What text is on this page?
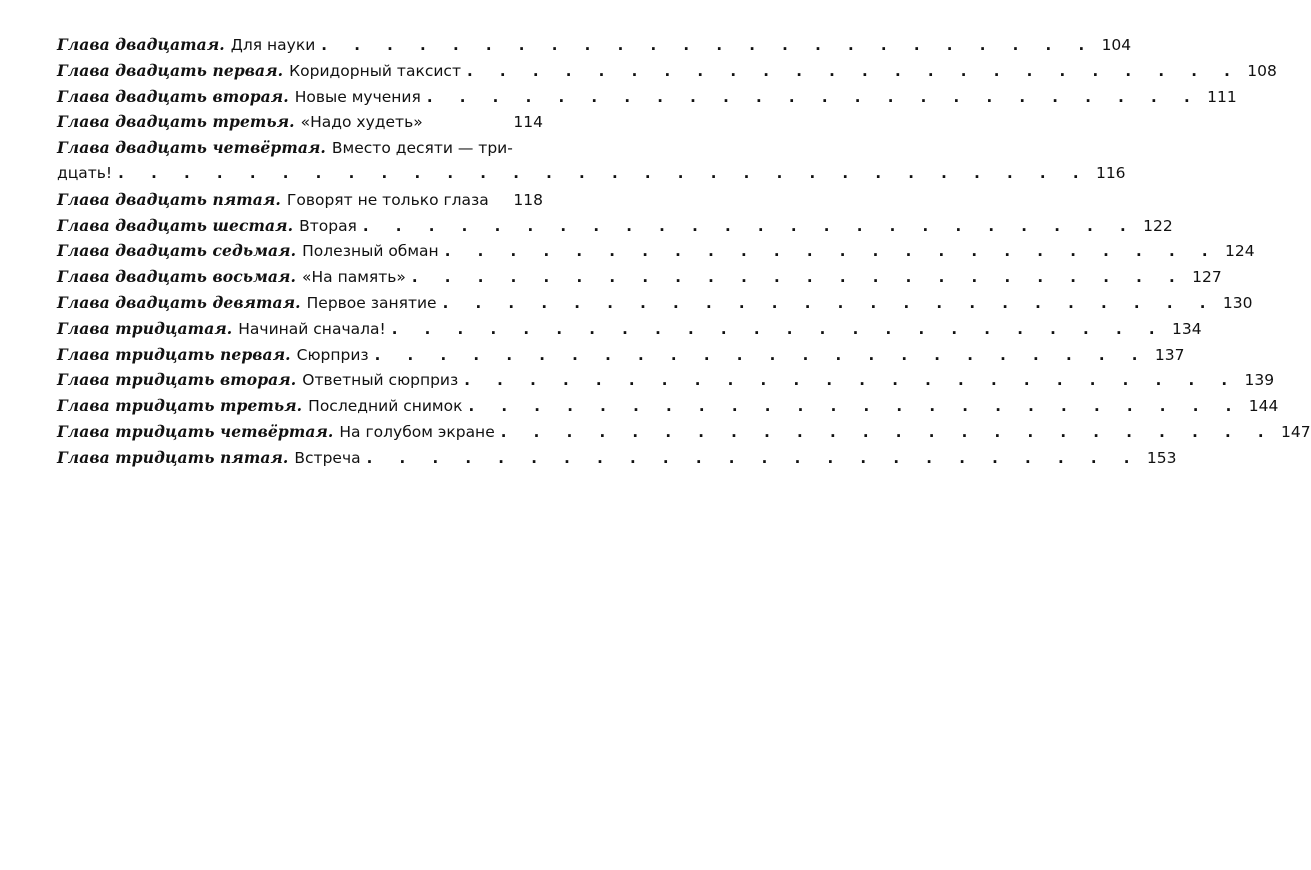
Глава двадцатая. Для науки . . . . . . . . . . . . . . . . . . . . . . . . 104
Глава двадцать первая. Коридорный таксист . . . . . . . . . . . . . . . . . . . . . . . . 108
Глава двадцать вторая. Новые мучения . . . . . . . . . . . . . . . . . . . . . . . . 111
Глава двадцать третья. «Надо худеть»	114
Глава двадцать четвёртая. Вместо десяти — три-
дцать! . . . . . . . . . . . . . . . . . . . . . . . . . . . . . . 116
Глава двадцать пятая. Говорят не только глаза 118
Глава двадцать шестая. Вторая . . . . . . . . . . . . . . . . . . . . . . . . 122
Глава двадцать седьмая. Полезный обман . . . . . . . . . . . . . . . . . . . . . . . . 124
Глава двадцать восьмая. «На память» . . . . . . . . . . . . . . . . . . . . . . . . 127
Глава двадцать девятая. Первое занятие . . . . . . . . . . . . . . . . . . . . . . . . 130
Глава тридцатая. Начинай сначала! . . . . . . . . . . . . . . . . . . . . . . . . 134
Глава тридцать первая. Сюрприз . . . . . . . . . . . . . . . . . . . . . . . . 137
Глава тридцать вторая. Ответный сюрприз . . . . . . . . . . . . . . . . . . . . . . . . 139
Глава тридцать третья. Последний снимок . . . . . . . . . . . . . . . . . . . . . . . . 144
Глава тридцать четвёртая. На голубом экране . . . . . . . . . . . . . . . . . . . . . . . . 147
Глава тридцать пятая. Встреча . . . . . . . . . . . . . . . . . . . . . . . . 153
